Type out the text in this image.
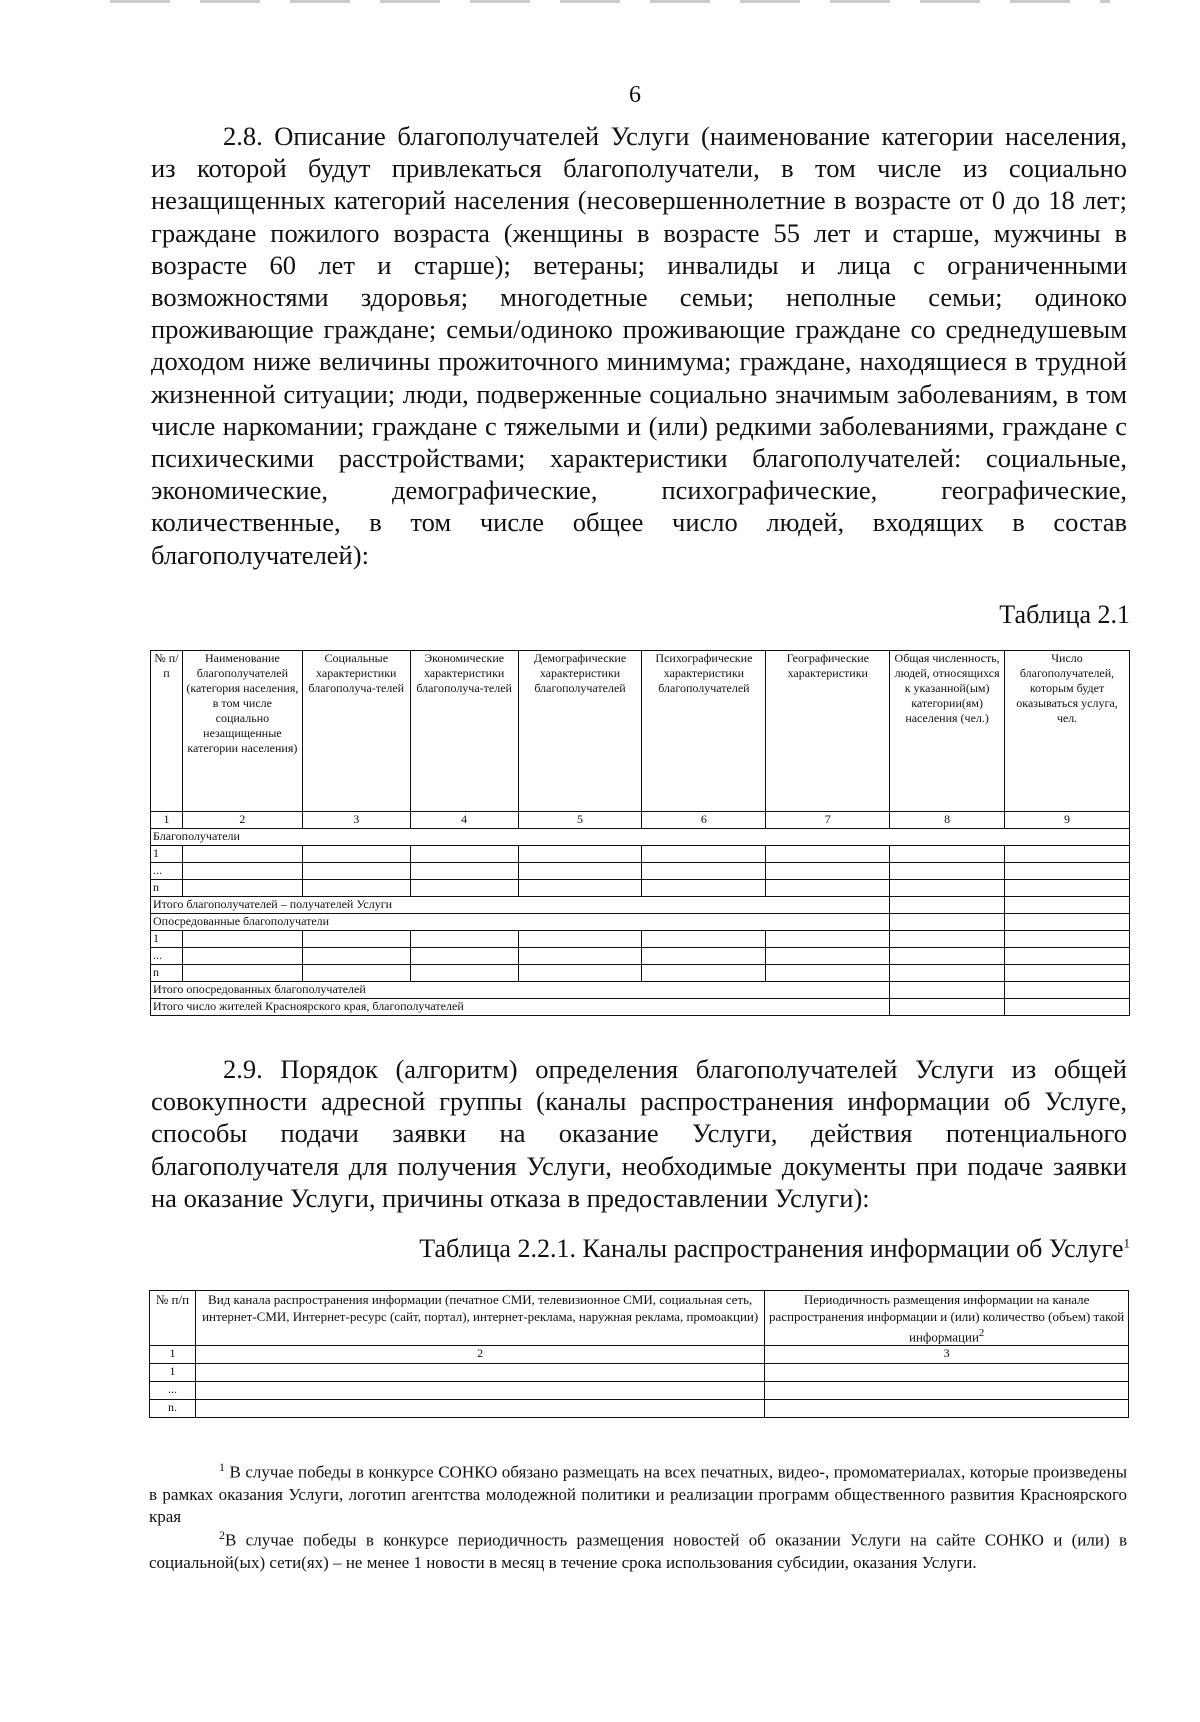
6
2.8. Описание благополучателей Услуги (наименование категории населения, из которой будут привлекаться благополучатели, в том числе из социально незащищенных категорий населения (несовершеннолетние в возрасте от 0 до 18 лет; граждане пожилого возраста (женщины в возрасте 55 лет и старше, мужчины в возрасте 60 лет и старше); ветераны; инвалиды и лица с ограниченными возможностями здоровья; многодетные семьи; неполные семьи; одиноко проживающие граждане; семьи/одиноко проживающие граждане со среднедушевым доходом ниже величины прожиточного минимума; граждане, находящиеся в трудной жизненной ситуации; люди, подверженные социально значимым заболеваниям, в том числе наркомании; граждане с тяжелыми и (или) редкими заболеваниями, граждане с психическими расстройствами; характеристики благополучателей: социальные, экономические, демографические, психографические, географические, количественные, в том числе общее число людей, входящих в состав благополучателей):
Таблица 2.1
№ п/п	Наименование благополучателей (категория населения, в том числе социально незащищенные категории населения)	Социальные характеристики благополуча-телей	Экономические характеристики благополуча-телей	Демографические характеристики благополучателей	Психографические характеристики благополучателей	Географические характеристики	Общая численность, людей, относящихся к указанной(ым) категории(ям) населения (чел.)	Число благополучателей, которым будет оказываться услуга, чел.
1	2	3	4	5	6	7	8	9
Благополучатели								
1								
...								
n								
Итого благополучателей – получателей Услуги								
Опосредованные благополучатели								
1								
...								
n								
Итого опосредованных благополучателей								
Итого число жителей Красноярского края, благополучателей								
2.9. Порядок (алгоритм) определения благополучателей Услуги из общей совокупности адресной группы (каналы распространения информации об Услуге, способы подачи заявки на оказание Услуги, действия потенциального благополучателя для получения Услуги, необходимые документы при подаче заявки на оказание Услуги, причины отказа в предоставлении Услуги):
Таблица 2.2.1. Каналы распространения информации об Услуге$^1$
№ п/п	Вид канала распространения информации (печатное СМИ, телевизионное СМИ, социальная сеть, интернет-СМИ, Интернет-ресурс (сайт, портал), интернет-реклама, наружная реклама, промоакции)	Периодичность размещения информации на канале распространения информации и (или) количество (объем) такой информации$^2$
1	2	3
1		
...		
n.		
$^1$ В случае победы в конкурсе СОНКО обязано размещать на всех печатных, видео-, промоматериалах, которые произведены в рамках оказания Услуги, логотип агентства молодежной политики и реализации программ общественного развития Красноярского края
$^2$В случае победы в конкурсе периодичность размещения новостей об оказании Услуги на сайте СОНКО и (или) в социальной(ых) сети(ях) – не менее 1 новости в месяц в течение срока использования субсидии, оказания Услуги.
